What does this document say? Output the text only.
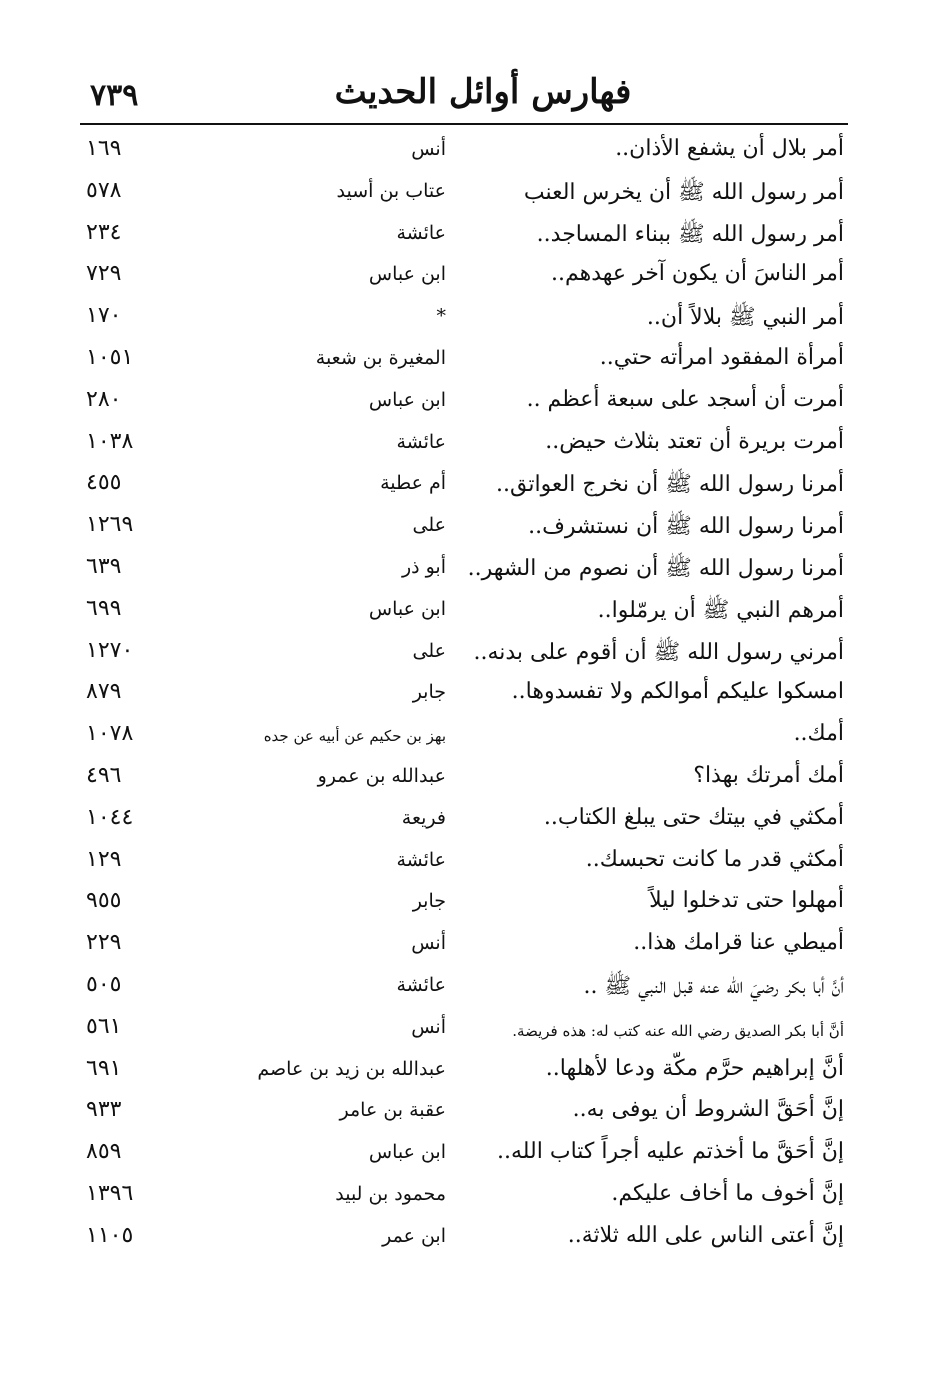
٧٣٩	فهارس أوائل الحديث
أمر بلال أن يشفع الأذان..
أنس
١٦٩
أمر رسول الله ﷺ أن يخرس العنب
عتاب بن أسيد
٥٧٨
أمر رسول الله ﷺ ببناء المساجد..
عائشة
٢٣٤
أمر الناسَ أن يكون آخر عهدهم..
ابن عباس
٧٢٩
أمر النبي ﷺ بلالاً أن..
*
١٧٠
أمرأة المفقود امرأته حتي..
المغيرة بن شعبة
١٠٥١
أمرت أن أسجد على سبعة أعظم ..
ابن عباس
٢٨٠
أمرت بريرة أن تعتد بثلاث حيض..
عائشة
١٠٣٨
أمرنا رسول الله ﷺ أن نخرج العواتق..
أم عطية
٤٥٥
أمرنا رسول الله ﷺ أن نستشرف..
على
١٢٦٩
أمرنا رسول الله ﷺ أن نصوم من الشهر..
أبو ذر
٦٣٩
أمرهم النبي ﷺ أن يرمّلوا..
ابن عباس
٦٩٩
أمرني رسول الله ﷺ أن أقوم على بدنه..
على
١٢٧٠
امسكوا عليكم أموالكم ولا تفسدوها..
جابر
٨٧٩
أمك..
بهز بن حكيم عن أبيه عن جده
١٠٧٨
أمك أمرتك بهذا؟
عبدالله بن عمرو
٤٩٦
أمكثي في بيتك حتى يبلغ الكتاب..
فريعة
١٠٤٤
أمكثي قدر ما كانت تحبسك..
عائشة
١٢٩
أمهلوا حتى تدخلوا ليلاً
جابر
٩٥٥
أميطي عنا قرامك هذا..
أنس
٢٢٩
أنَّ أبا بكر رضيَ الله عنه قبل النبي ﷺ ..
عائشة
٥٠٥
أنَّ أبا بكر الصديق رضي الله عنه كتب له: هذه فريضة.
أنس
٥٦١
أنَّ إبراهيم حرَّم مكّة ودعا لأهلها..
عبدالله بن زيد بن عاصم
٦٩١
إنَّ أحَقَّ الشروط أن يوفى به..
عقبة بن عامر
٩٣٣
إنَّ أحَقَّ ما أخذتم عليه أجراً كتاب الله..
ابن عباس
٨٥٩
إنَّ أخوف ما أخاف عليكم.
محمود بن لبيد
١٣٩٦
إنَّ أعتى الناس على الله ثلاثة..
ابن عمر
١١٠٥
